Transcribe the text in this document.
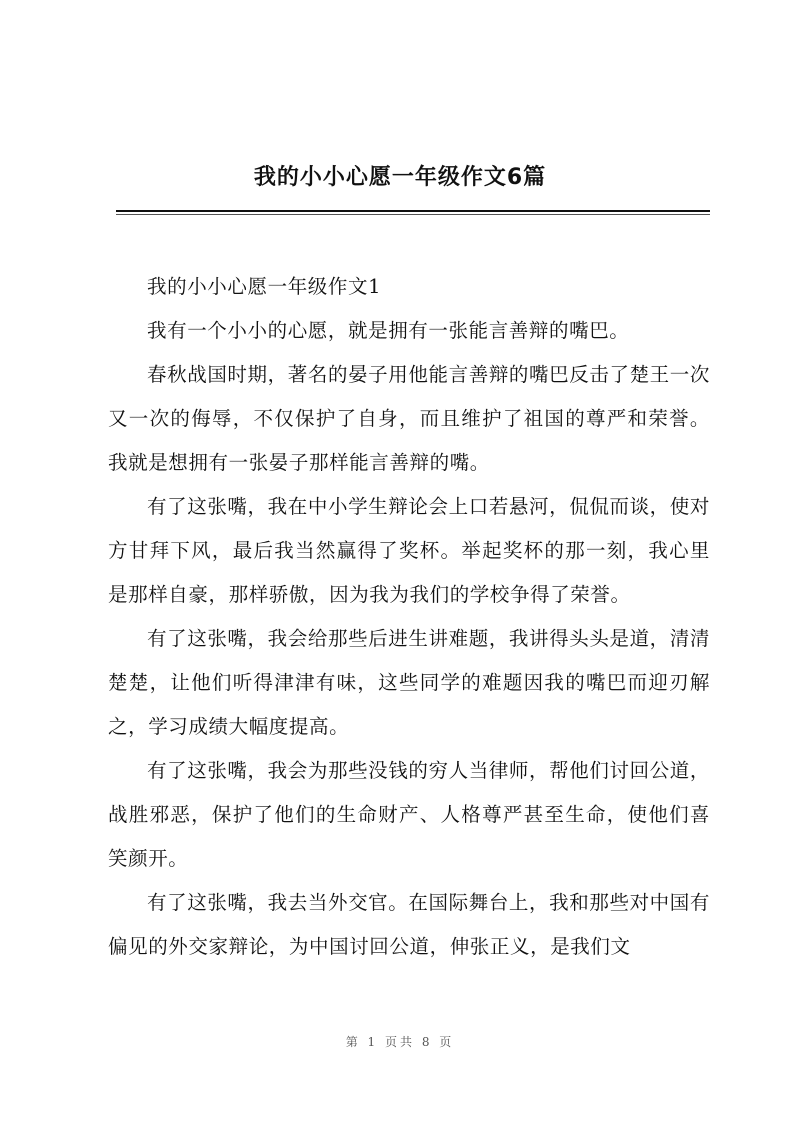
我的小小心愿一年级作文6篇

我的小小心愿一年级作文1

我有一个小小的心愿，就是拥有一张能言善辩的嘴巴。

春秋战国时期，著名的晏子用他能言善辩的嘴巴反击了楚王一次又一次的侮辱，不仅保护了自身，而且维护了祖国的尊严和荣誉。我就是想拥有一张晏子那样能言善辩的嘴。

有了这张嘴，我在中小学生辩论会上口若悬河，侃侃而谈，使对方甘拜下风，最后我当然赢得了奖杯。举起奖杯的那一刻，我心里是那样自豪，那样骄傲，因为我为我们的学校争得了荣誉。

有了这张嘴，我会给那些后进生讲难题，我讲得头头是道，清清楚楚，让他们听得津津有味，这些同学的难题因我的嘴巴而迎刃解之，学习成绩大幅度提高。

有了这张嘴，我会为那些没钱的穷人当律师，帮他们讨回公道，战胜邪恶，保护了他们的生命财产、人格尊严甚至生命，使他们喜笑颜开。

有了这张嘴，我去当外交官。在国际舞台上，我和那些对中国有偏见的外交家辩论，为中国讨回公道，伸张正义，是我们文

第 1 页共 8 页
